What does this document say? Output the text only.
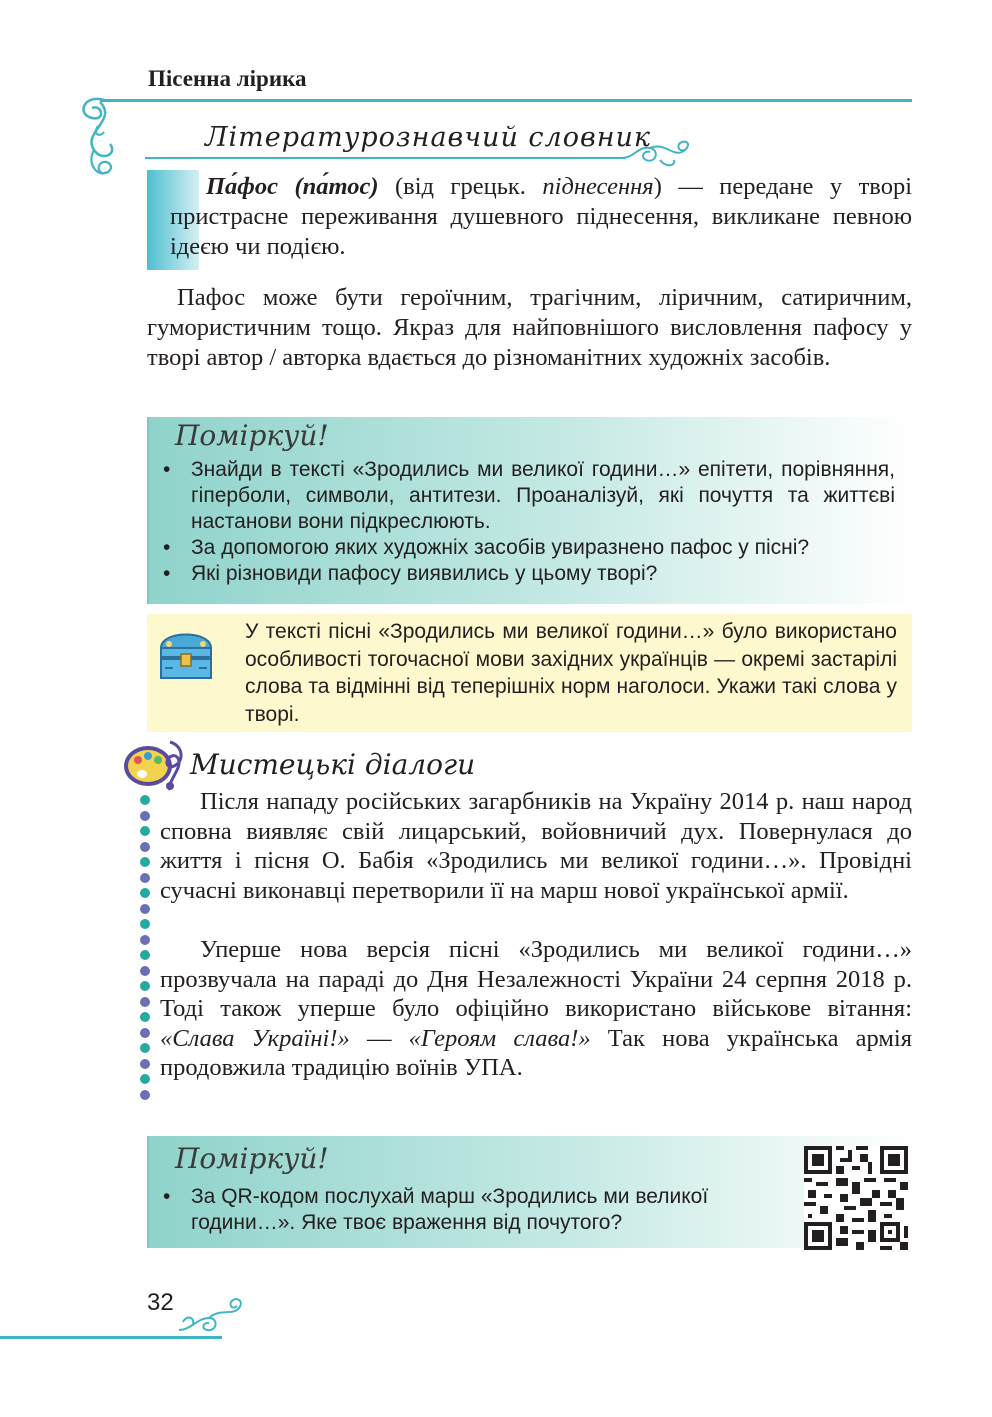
Пісенна лірика
Літературознавчий словник
Па́фос (па́тос) (від грецьк. піднесення) — передане у творі пристрасне переживання душевного піднесення, викликане певною ідеєю чи подією.
Пафос може бути героїчним, трагічним, ліричним, сатиричним, гумористичним тощо. Якраз для найповнішого висловлення пафосу у творі автор / авторка вдається до різноманітних художніх засобів.
Поміркуй!
• Знайди в тексті «Зродились ми великої години…» епітети, порівняння, гіперболи, символи, антитези. Проаналізуй, які почуття та життєві настанови вони підкреслюють.
• За допомогою яких художніх засобів увиразнено пафос у пісні?
• Які різновиди пафосу виявились у цьому творі?
У тексті пісні «Зродились ми великої години…» було використано особливості тогочасної мови західних українців — окремі застарілі слова та відмінні від теперішніх норм наголоси. Укажи такі слова у творі.
Мистецькі діалоги
Після нападу російських загарбників на Україну 2014 р. наш народ сповна виявляє свій лицарський, войовничий дух. Повернулася до життя і пісня О. Бабія «Зродились ми великої години…». Провідні сучасні виконавці перетворили її на марш нової української армії.
Уперше нова версія пісні «Зродились ми великої години…» прозвучала на параді до Дня Незалежності України 24 серпня 2018 р. Тоді також уперше було офіційно використано військове вітання: «Слава Україні!» — «Героям слава!» Так нова українська армія продовжила традицію воїнів УПА.
Поміркуй!
• За QR-кодом послухай марш «Зродились ми великої години…». Яке твоє враження від почутого?
32
